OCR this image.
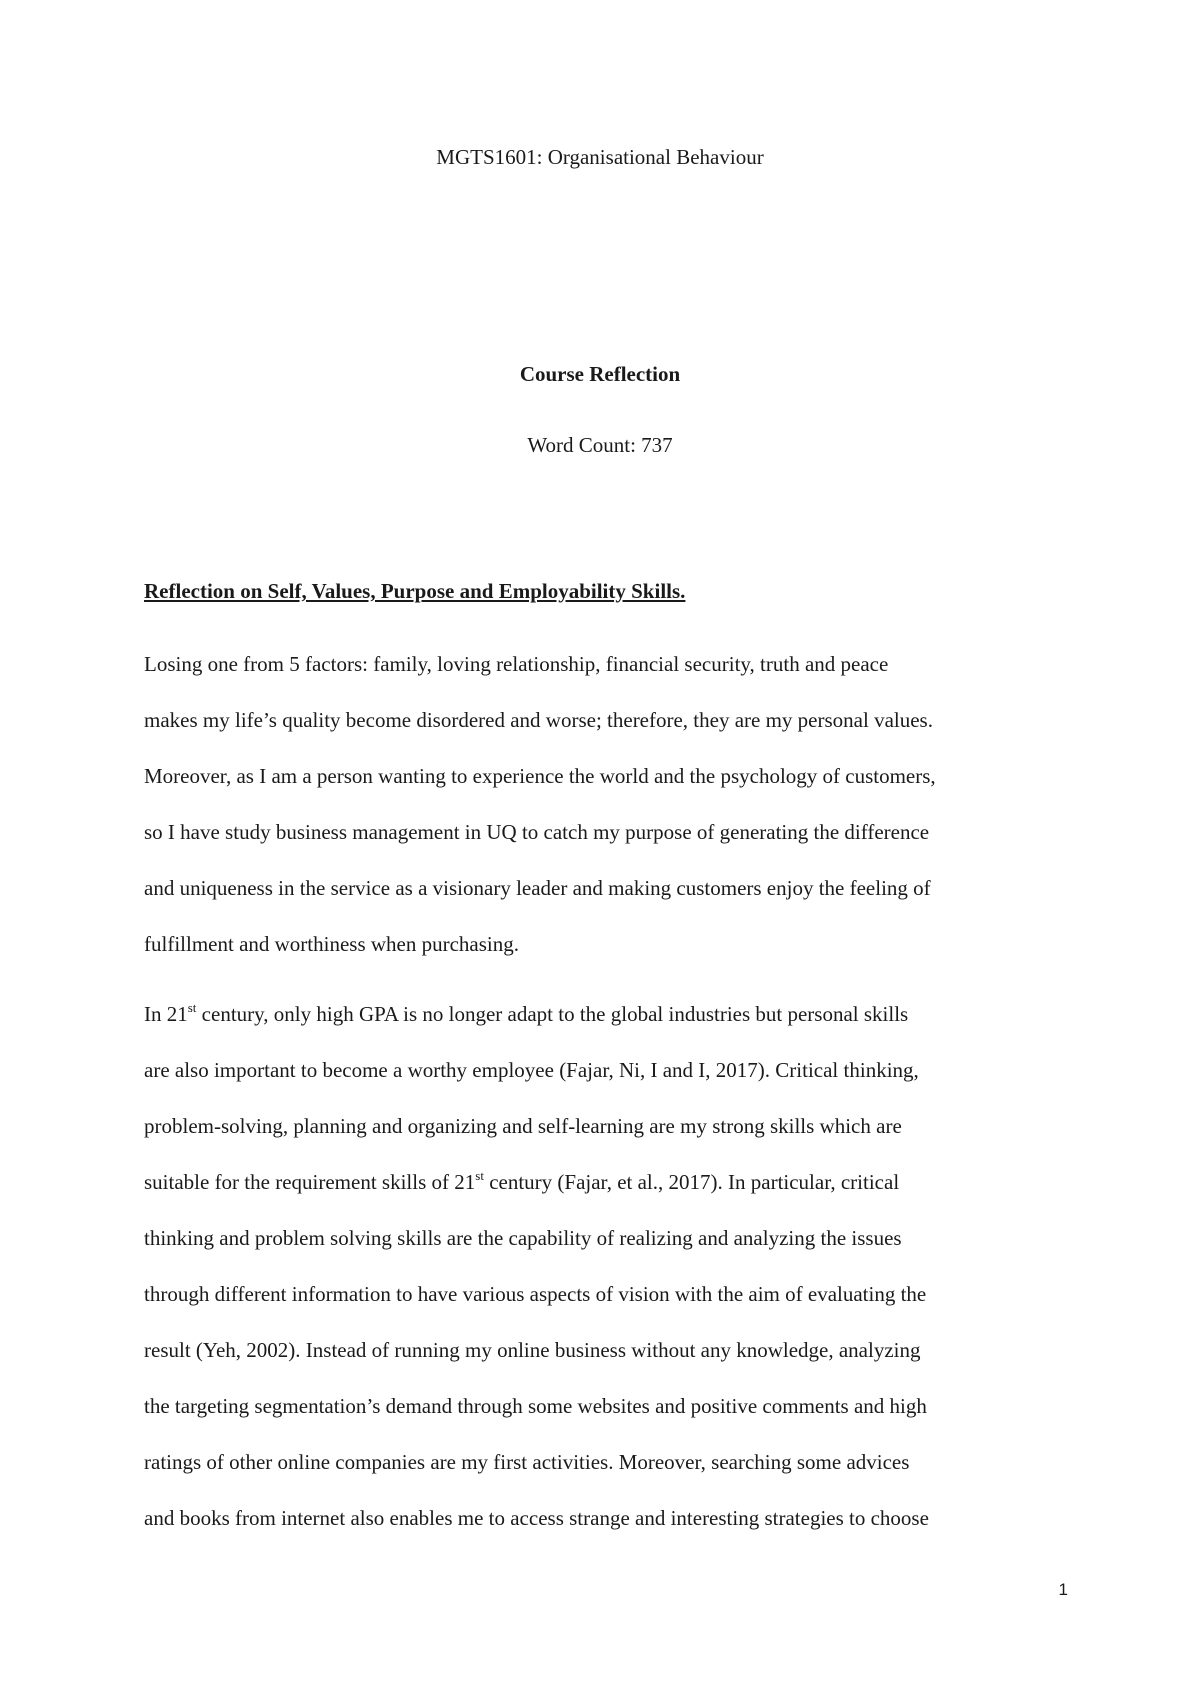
MGTS1601: Organisational Behaviour

Course Reflection

Word Count: 737

Reflection on Self, Values, Purpose and Employability Skills.

Losing one from 5 factors: family, loving relationship, financial security, truth and peace
makes my life’s quality become disordered and worse; therefore, they are my personal values.
Moreover, as I am a person wanting to experience the world and the psychology of customers,
so I have study business management in UQ to catch my purpose of generating the difference
and uniqueness in the service as a visionary leader and making customers enjoy the feeling of
fulfillment and worthiness when purchasing.

In 21st century, only high GPA is no longer adapt to the global industries but personal skills
are also important to become a worthy employee (Fajar, Ni, I and I, 2017). Critical thinking,
problem-solving, planning and organizing and self-learning are my strong skills which are
suitable for the requirement skills of 21st century (Fajar, et al., 2017). In particular, critical
thinking and problem solving skills are the capability of realizing and analyzing the issues
through different information to have various aspects of vision with the aim of evaluating the
result (Yeh, 2002). Instead of running my online business without any knowledge, analyzing
the targeting segmentation’s demand through some websites and positive comments and high
ratings of other online companies are my first activities. Moreover, searching some advices
and books from internet also enables me to access strange and interesting strategies to choose

1
